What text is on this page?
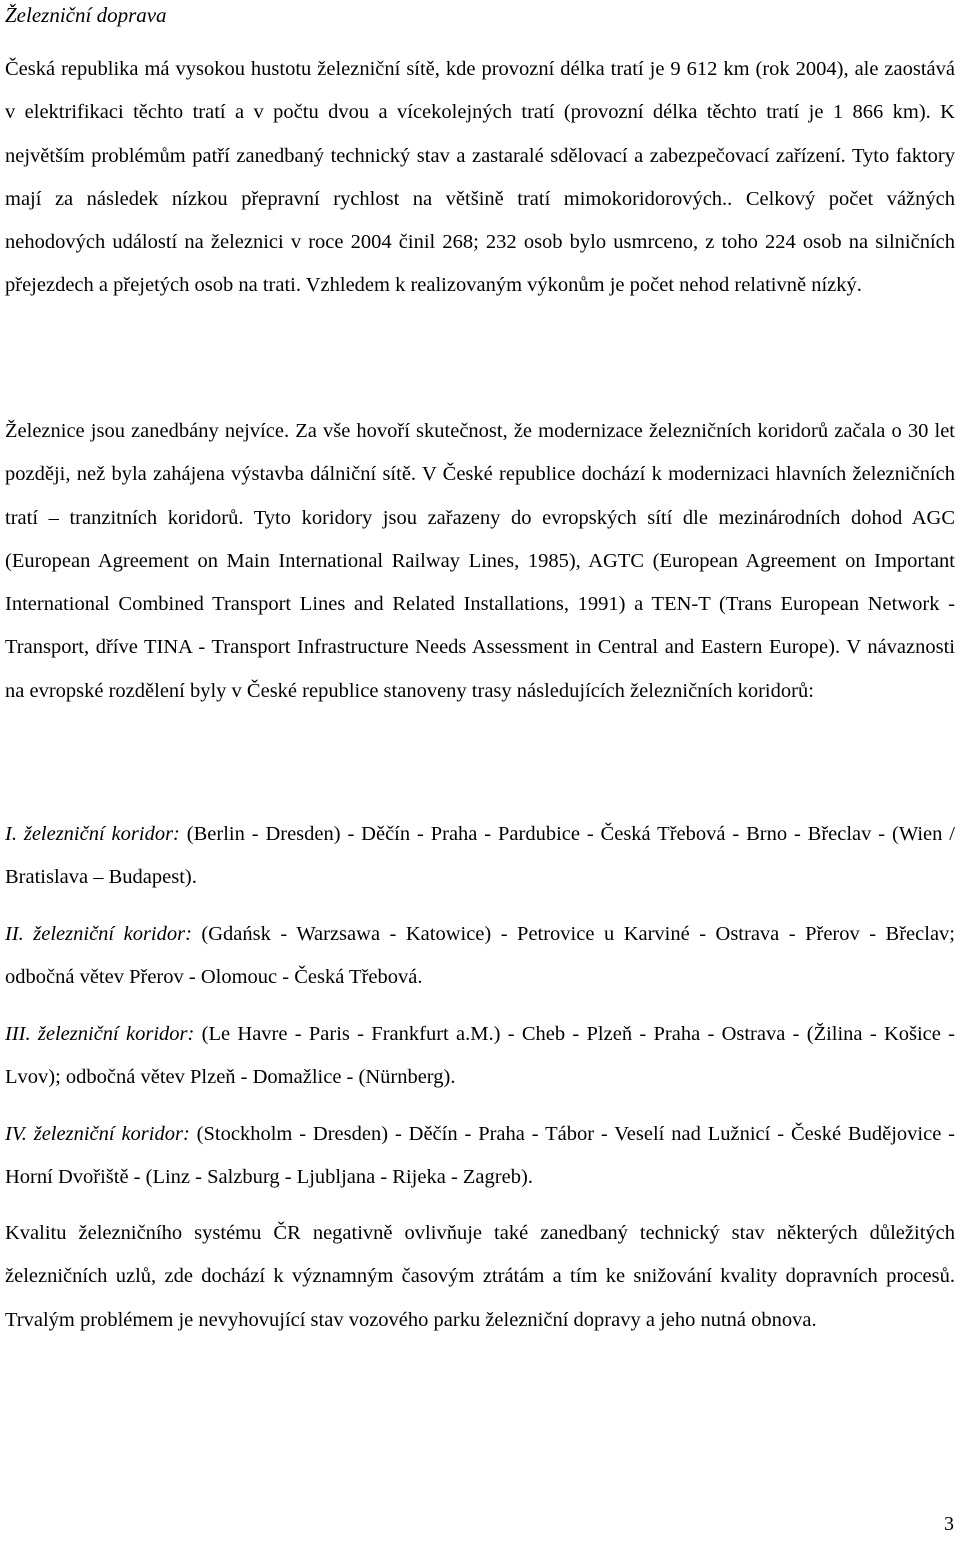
Železniční doprava

Česká republika má vysokou hustotu železniční sítě, kde provozní délka tratí je 9 612 km (rok 2004), ale zaostává v elektrifikaci těchto tratí a v počtu dvou a vícekolejných tratí (provozní délka těchto tratí je 1 866 km). K největším problémům patří zanedbaný technický stav a zastaralé sdělovací a zabezpečovací zařízení. Tyto faktory mají za následek nízkou přepravní rychlost na většině tratí mimokoridorových.. Celkový počet vážných nehodových událostí na železnici v roce 2004 činil 268; 232 osob bylo usmrceno, z toho 224 osob na silničních přejezdech a přejetých osob na trati. Vzhledem k realizovaným výkonům je počet nehod relativně nízký.

Železnice jsou zanedbány nejvíce. Za vše hovoří skutečnost, že modernizace železničních koridorů začala o 30 let později, než byla zahájena výstavba dálniční sítě. V České republice dochází k modernizaci hlavních železničních tratí – tranzitních koridorů. Tyto koridory jsou zařazeny do evropských sítí dle mezinárodních dohod AGC (European Agreement on Main International Railway Lines, 1985), AGTC (European Agreement on Important International Combined Transport Lines and Related Installations, 1991) a TEN-T (Trans European Network - Transport, dříve TINA - Transport Infrastructure Needs Assessment in Central and Eastern Europe). V návaznosti na evropské rozdělení byly v České republice stanoveny trasy následujících železničních koridorů:

I. železniční koridor: (Berlin - Dresden) - Děčín - Praha - Pardubice - Česká Třebová - Brno - Břeclav - (Wien / Bratislava – Budapest).

II. železniční koridor: (Gdańsk - Warzsawa - Katowice) - Petrovice u Karviné - Ostrava - Přerov - Břeclav; odbočná větev Přerov - Olomouc - Česká Třebová.

III. železniční koridor: (Le Havre - Paris - Frankfurt a.M.) - Cheb - Plzeň - Praha - Ostrava - (Žilina - Košice - Lvov); odbočná větev Plzeň - Domažlice - (Nürnberg).

IV. železniční koridor: (Stockholm - Dresden) - Děčín - Praha - Tábor - Veselí nad Lužnicí - České Budějovice - Horní Dvořiště - (Linz - Salzburg - Ljubljana - Rijeka - Zagreb).

Kvalitu železničního systému ČR negativně ovlivňuje také zanedbaný technický stav některých důležitých železničních uzlů, zde dochází k významným časovým ztrátám a tím ke snižování kvality dopravních procesů. Trvalým problémem je nevyhovující stav vozového parku železniční dopravy a jeho nutná obnova.

3
